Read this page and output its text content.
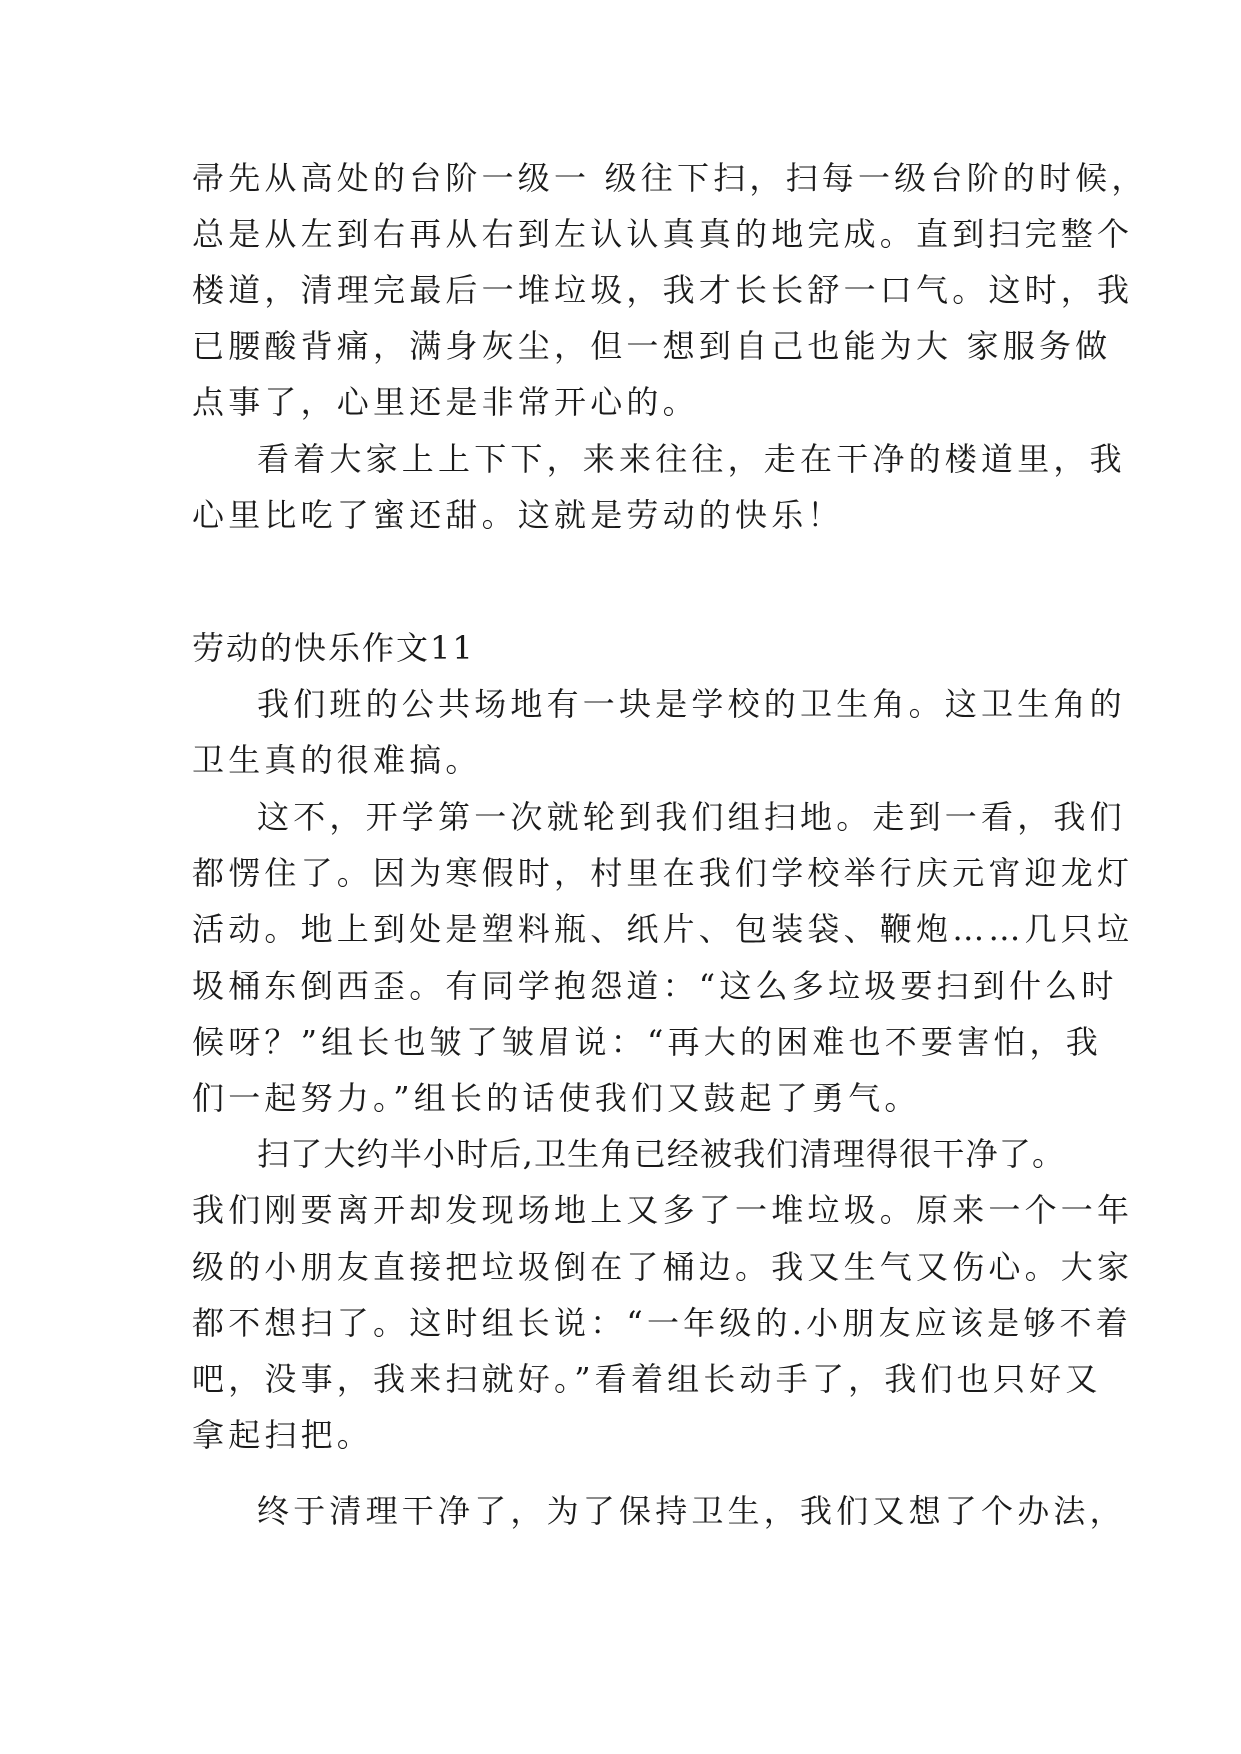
帚先从高处的台阶一级一 级往下扫，扫每一级台阶的时候，
总是从左到右再从右到左认认真真的地完成。直到扫完整个
楼道，清理完最后一堆垃圾，我才长长舒一口气。这时，我
已腰酸背痛，满身灰尘，但一想到自己也能为大 家服务做
点事了，心里还是非常开心的。
看着大家上上下下，来来往往，走在干净的楼道里，我
心里比吃了蜜还甜。这就是劳动的快乐！
劳动的快乐作文11
我们班的公共场地有一块是学校的卫生角。这卫生角的
卫生真的很难搞。
这不，开学第一次就轮到我们组扫地。走到一看，我们
都愣住了。因为寒假时，村里在我们学校举行庆元宵迎龙灯
活动。地上到处是塑料瓶、纸片、包装袋、鞭炮……几只垃
圾桶东倒西歪。有同学抱怨道：“这么多垃圾要扫到什么时
候呀？”组长也皱了皱眉说：“再大的困难也不要害怕，我
们一起努力。”组长的话使我们又鼓起了勇气。
扫了大约半小时后,卫生角已经被我们清理得很干净了。
我们刚要离开却发现场地上又多了一堆垃圾。原来一个一年
级的小朋友直接把垃圾倒在了桶边。我又生气又伤心。大家
都不想扫了。这时组长说：“一年级的.小朋友应该是够不着
吧，没事，我来扫就好。”看着组长动手了，我们也只好又
拿起扫把。
终于清理干净了，为了保持卫生，我们又想了个办法，
